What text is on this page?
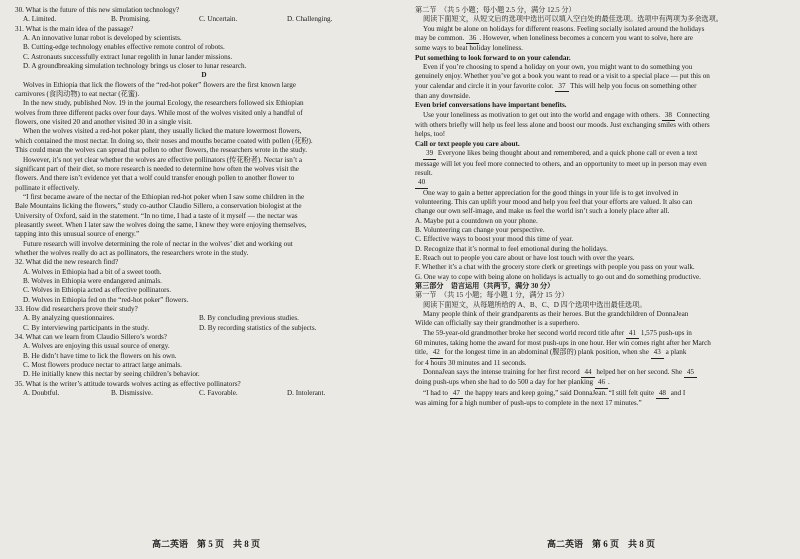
30. What is the future of this new simulation technology?
A. Limited.	B. Promising.	C. Uncertain.	D. Challenging.
31. What is the main idea of the passage?
A. An innovative lunar robot is developed by scientists.
B. Cutting-edge technology enables effective remote control of robots.
C. Astronauts successfully extract lunar regolith in lunar lander missions.
D. A groundbreaking simulation technology brings us closer to lunar research.
D
Wolves in Ethiopia that lick the flowers of the “red-hot poker” flowers are the first known large
carnivores (食肉动物) to eat nectar (花蜜).
In the new study, published Nov. 19 in the journal Ecology, the researchers followed six Ethiopian
wolves from three different packs over four days. While most of the wolves visited only a handful of
flowers, one visited 20 and another visited 30 in a single visit.
When the wolves visited a red-hot poker plant, they usually licked the mature lowermost flowers,
which contained the most nectar. In doing so, their noses and mouths became coated with pollen (花粉).
This could mean the wolves can spread that pollen to other flowers, the researchers wrote in the study.
However, it’s not yet clear whether the wolves are effective pollinators (传花粉者). Nectar isn’t a
significant part of their diet, so more research is needed to determine how often the wolves visit the
flowers. And there isn’t evidence yet that a wolf could transfer enough pollen to another flower to
pollinate it effectively.
“I first became aware of the nectar of the Ethiopian red-hot poker when I saw some children in the
Bale Mountains licking the flowers,” study co-author Claudio Sillero, a conservation biologist at the
University of Oxford, said in the statement. “In no time, I had a taste of it myself — the nectar was
pleasantly sweet. When I later saw the wolves doing the same, I knew they were enjoying themselves,
tapping into this unusual source of energy.”
Future research will involve determining the role of nectar in the wolves’ diet and working out
whether the wolves really do act as pollinators, the researchers wrote in the study.
32. What did the new research find?
A. Wolves in Ethiopia had a bit of a sweet tooth.
B. Wolves in Ethiopia were endangered animals.
C. Wolves in Ethiopia acted as effective pollinators.
D. Wolves in Ethiopia fed on the “red-hot poker” flowers.
33. How did researchers prove their study?
A. By analyzing questionnaires.	B. By concluding previous studies.
C. By interviewing participants in the study.	D. By recording statistics of the subjects.
34. What can we learn from Claudio Sillero’s words?
A. Wolves are enjoying this usual source of energy.
B. He didn’t have time to lick the flowers on his own.
C. Most flowers produce nectar to attract large animals.
D. He initially knew this nectar by seeing children’s behavior.
35. What is the writer’s attitude towards wolves acting as effective pollinators?
A. Doubtful.	B. Dismissive.	C. Favorable.	D. Intolerant.
第二节　（共 5 小题；每小题 2.5 分，满分 12.5 分）
阅读下面短文，从短文后的选项中选出可以填入空白处的最佳选项。选项中有两项为多余选项。
You might be alone on holidays for different reasons. Feeling socially isolated around the holidays
may be common. 36 . However, when loneliness becomes a concern you want to solve, here are
some ways to beat holiday loneliness.
Put something to look forward to on your calendar.
Even if you’re choosing to spend a holiday on your own, you might want to do something you
genuinely enjoy. Whether you’ve got a book you want to read or a visit to a special place — put this on
your calendar and circle it in your favorite color. 37 This will help you focus on something other
than any downside.
Even brief conversations have important benefits.
Use your loneliness as motivation to get out into the world and engage with others. 38 Connecting
with others briefly will help us feel less alone and boost our moods. Just exchanging smiles with others
helps, too!
Call or text people you care about.
39 Everyone likes being thought about and remembered, and a quick phone call or even a text
message will let you feel more connected to others, and an opportunity to meet up in person may even
result.
40
One way to gain a better appreciation for the good things in your life is to get involved in
volunteering. This can uplift your mood and help you feel that your efforts are valued. It also can
change our own self-image, and make us feel the world isn’t such a lonely place after all.
A. Maybe put a countdown on your phone.
B. Volunteering can change your perspective.
C. Effective ways to boost your mood this time of year.
D. Recognize that it’s normal to feel emotional during the holidays.
E. Reach out to people you care about or have lost touch with over the years.
F. Whether it’s a chat with the grocery store clerk or greetings with people you pass on your walk.
G. One way to cope with being alone on holidays is actually to go out and do something productive.
第三部分　语言运用（共两节，满分 30 分）
第一节　（共 15 小题；每小题 1 分，满分 15 分）
阅读下面短文，从每题所给的 A、B、C、D 四个选项中选出最佳选项。
Many people think of their grandparents as their heroes. But the grandchildren of DonnaJean
Wilde can officially say their grandmother is a superhero.
The 59-year-old grandmother broke her second world record title after 41 1,575 push-ups in
60 minutes, taking home the award for most push-ups in one hour. Her win comes right after her March
title, 42 for the longest time in an abdominal (腹部的) plank position, when she 43 a plank
for 4 hours 30 minutes and 11 seconds.
DonnaJean says the intense training for her first record 44 helped her on her second. She 45
doing push-ups when she had to do 500 a day for her planking 46 .
“I had to 47 the happy tears and keep going,” said DonnaJean. “I still felt quite 48 and I
was aiming for a high number of push-ups to complete in the next 17 minutes.”
高二英语　第 5 页　共 8 页	高二英语　第 6 页　共 8 页
